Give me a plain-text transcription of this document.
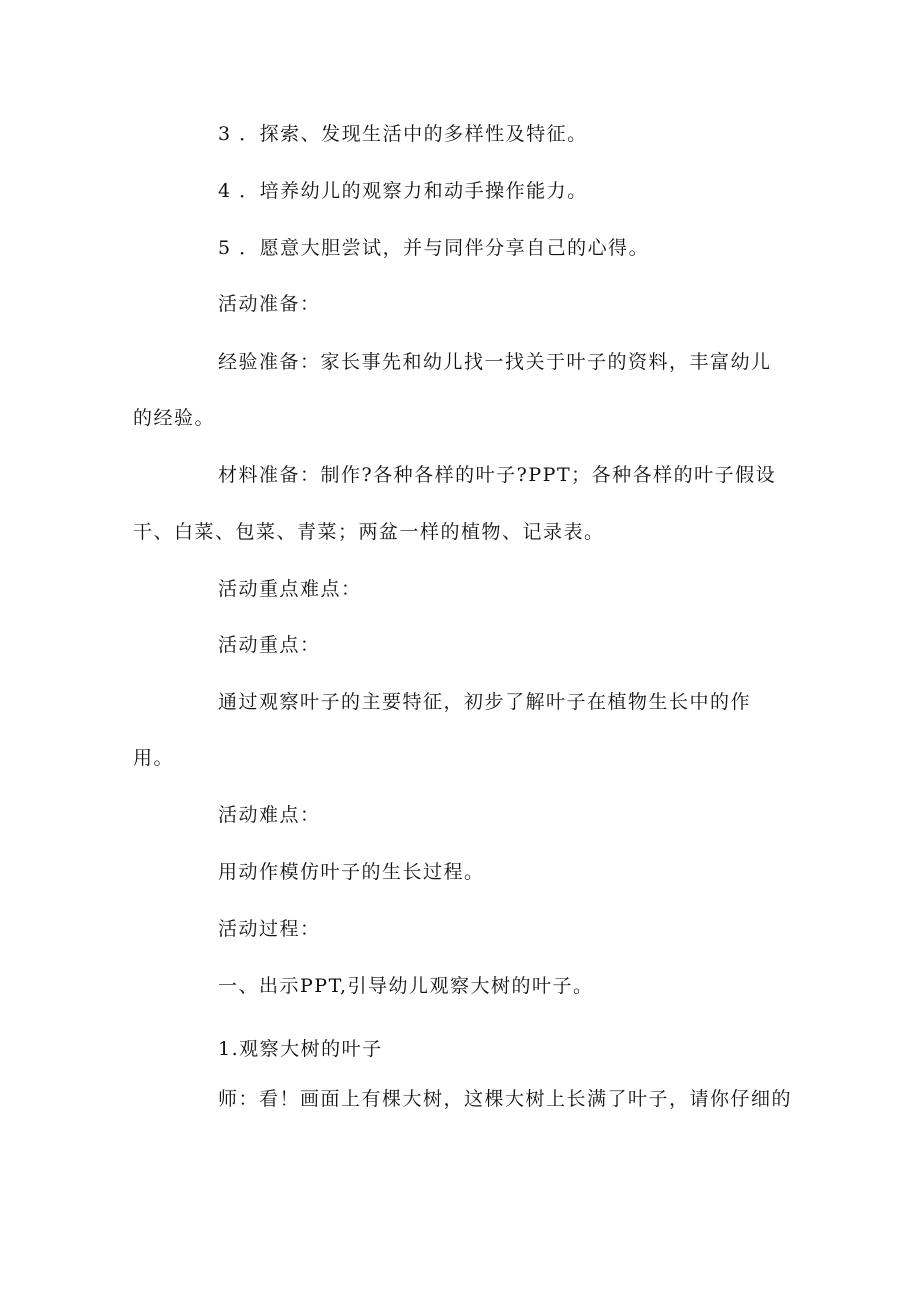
3 ．探索、发现生活中的多样性及特征。
4 ．培养幼儿的观察力和动手操作能力。
5 ．愿意大胆尝试，并与同伴分享自己的心得。
活动准备：
经验准备：家长事先和幼儿找一找关于叶子的资料，丰富幼儿
的经验。
材料准备：制作?各种各样的叶子?PPT；各种各样的叶子假设
干、白菜、包菜、青菜；两盆一样的植物、记录表。
活动重点难点：
活动重点：
通过观察叶子的主要特征，初步了解叶子在植物生长中的作
用。
活动难点：
用动作模仿叶子的生长过程。
活动过程：
一、出示PPT,引导幼儿观察大树的叶子。
1.观察大树的叶子
师：看！画面上有棵大树，这棵大树上长满了叶子，请你仔细的
